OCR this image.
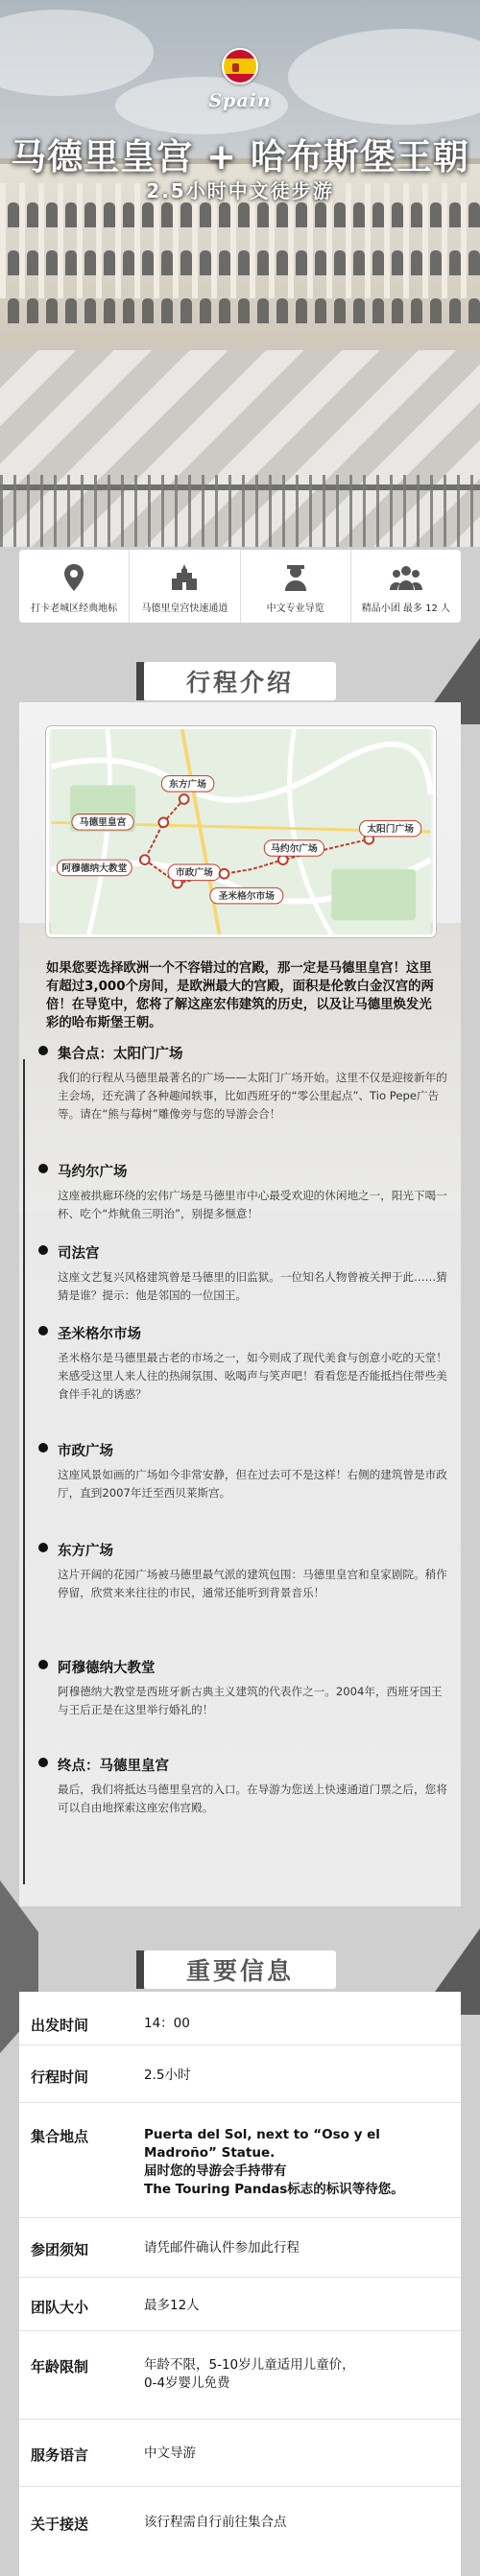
Spain
马德里皇宫 + 哈布斯堡王朝
2.5小时中文徒步游
打卡老城区经典地标	马德里皇宫快速通道	中文专业导览	精品小团 最多 12 人
行程介绍
东方广场
马德里皇宫
太阳门广场
阿穆德纳大教堂	市政广场
马约尔广场
圣米格尔市场
如果您要选择欧洲一个不容错过的宫殿，那一定是马德里皇宫！这里有超过3,000个房间，是欧洲最大的宫殿，面积是伦敦白金汉宫的两倍！在导览中，您将了解这座宏伟建筑的历史，以及让马德里焕发光彩的哈布斯堡王朝。
集合点：太阳门广场
我们的行程从马德里最著名的广场——太阳门广场开始。这里不仅是迎接新年的主会场，还充满了各种趣闻轶事，比如西班牙的“零公里起点”、Tio Pepe广告等。请在“熊与莓树”雕像旁与您的导游会合！
马约尔广场
这座被拱廊环绕的宏伟广场是马德里市中心最受欢迎的休闲地之一，阳光下喝一杯、吃个“炸鱿鱼三明治”，别提多惬意！
司法宫
这座文艺复兴风格建筑曾是马德里的旧监狱。一位知名人物曾被关押于此……猜猜是谁？提示：他是邻国的一位国王。
圣米格尔市场
圣米格尔是马德里最古老的市场之一，如今则成了现代美食与创意小吃的天堂！来感受这里人来人往的热闹氛围、吆喝声与笑声吧！看看您是否能抵挡住带些美食伴手礼的诱惑？
市政广场
这座风景如画的广场如今非常安静，但在过去可不是这样！右侧的建筑曾是市政厅，直到2007年迁至西贝莱斯宫。
东方广场
这片开阔的花园广场被马德里最气派的建筑包围：马德里皇宫和皇家剧院。稍作停留，欣赏来来往往的市民，通常还能听到背景音乐！
阿穆德纳大教堂
阿穆德纳大教堂是西班牙新古典主义建筑的代表作之一。2004年，西班牙国王与王后正是在这里举行婚礼的！
终点：马德里皇宫
最后，我们将抵达马德里皇宫的入口。在导游为您送上快速通道门票之后，您将可以自由地探索这座宏伟宫殿。
重要信息
出发时间	14：00
行程时间	2.5小时
集合地点	Puerta del Sol, next to “Oso y el Madroño” Statue.
届时您的导游会手持带有
The Touring Pandas标志的标识等待您。
参团须知	请凭邮件确认件参加此行程
团队大小	最多12人
年龄限制	年龄不限，5-10岁儿童适用儿童价，
0-4岁婴儿免费
服务语言	中文导游
关于接送	该行程需自行前往集合点
